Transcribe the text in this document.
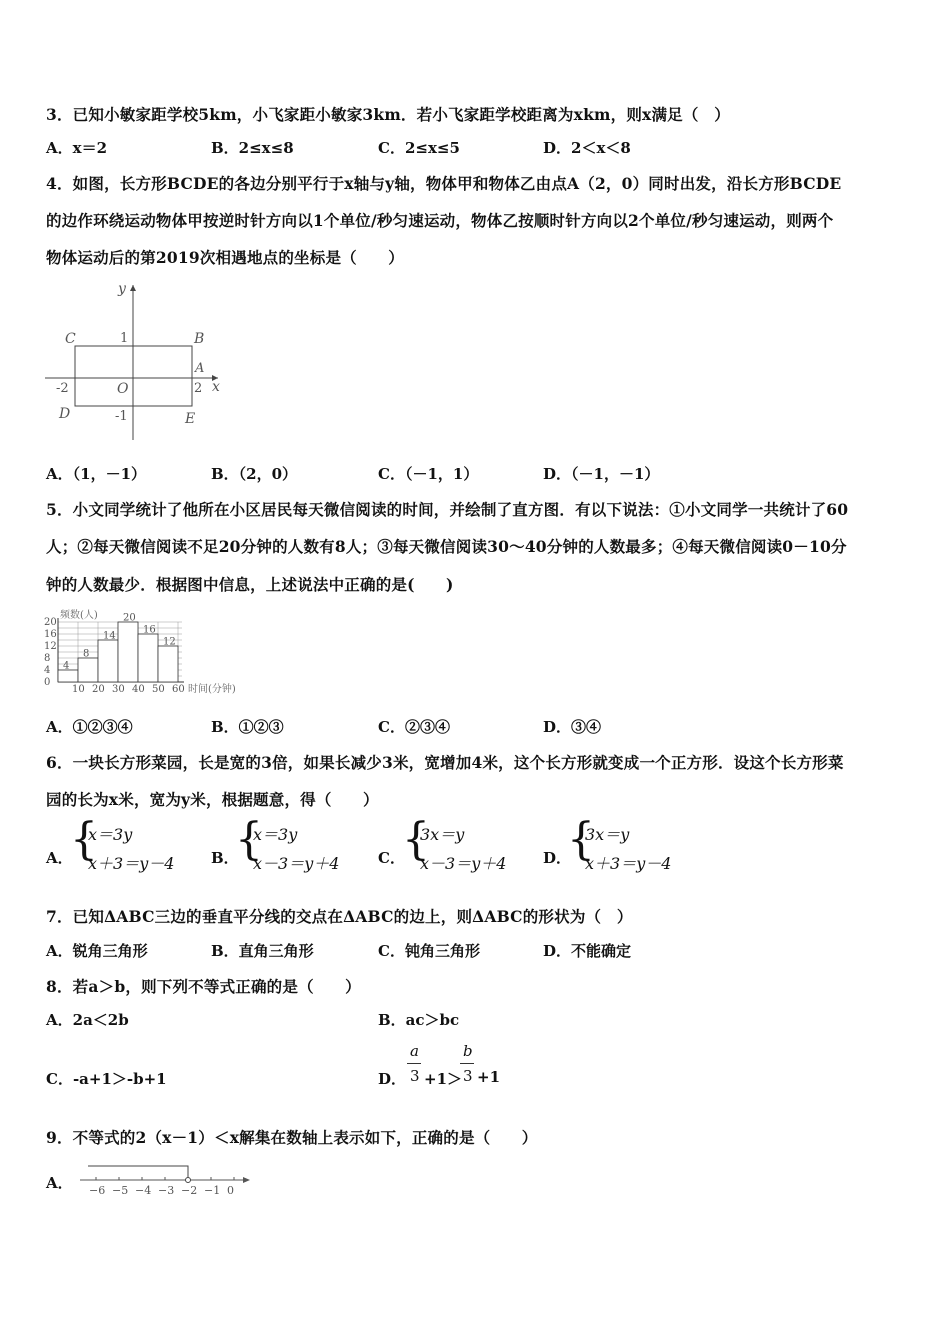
3．已知小敏家距学校5km，小飞家距小敏家3km．若小飞家距学校距离为xkm，则x满足（　）
A．x＝2	B．2≤x≤8	C．2≤x≤5	D．2＜x＜8
4．如图，长方形BCDE的各边分别平行于x轴与y轴，物体甲和物体乙由点A（2，0）同时出发，沿长方形BCDE
的边作环绕运动物体甲按逆时针方向以1个单位/秒匀速运动，物体乙按顺时针方向以2个单位/秒匀速运动，则两个
物体运动后的第2019次相遇地点的坐标是（　　）
y
x
C	B
A
D	E
O
1
-1
2
-2
A．（1，－1）	B．（2，0）	C．（－1，1）	D．（－1，－1）
5．小文同学统计了他所在小区居民每天微信阅读的时间，并绘制了直方图．有以下说法：①小文同学一共统计了60
人；②每天微信阅读不足20分钟的人数有8人；③每天微信阅读30～40分钟的人数最多；④每天微信阅读0－10分
钟的人数最少．根据图中信息，上述说法中正确的是(　　)
4
8
14
20
16
12
0
4
8
12
16
20
10 20 30 40 50 60
频数(人)
时间(分钟)
A．①②③④	B．①②③	C．②③④	D．③④
6．一块长方形菜园，长是宽的3倍，如果长减少3米，宽增加4米，这个长方形就变成一个正方形．设这个长方形菜
园的长为x米，宽为y米，根据题意，得（　　）
A．
{
x＝3y
x＋3＝y－4 B．
{
x＝3y
x－3＝y＋4	C．
{
3x＝y
x－3＝y＋4 D．
{
3x＝y
x＋3＝y－4
7．已知ΔABC三边的垂直平分线的交点在ΔABC的边上，则ΔABC的形状为（　）
A．锐角三角形	B．直角三角形	C．钝角三角形	D．不能确定
8．若a＞b，则下列不等式正确的是（　　）
A．2a＜2b	B．ac＞bc
C．-a+1＞-b+1	D．
a
3 +1＞
b
3 +1
9．不等式的2（x－1）＜x解集在数轴上表示如下，正确的是（　　）
A． −6 −5 −4 −3 −2 −1 0
